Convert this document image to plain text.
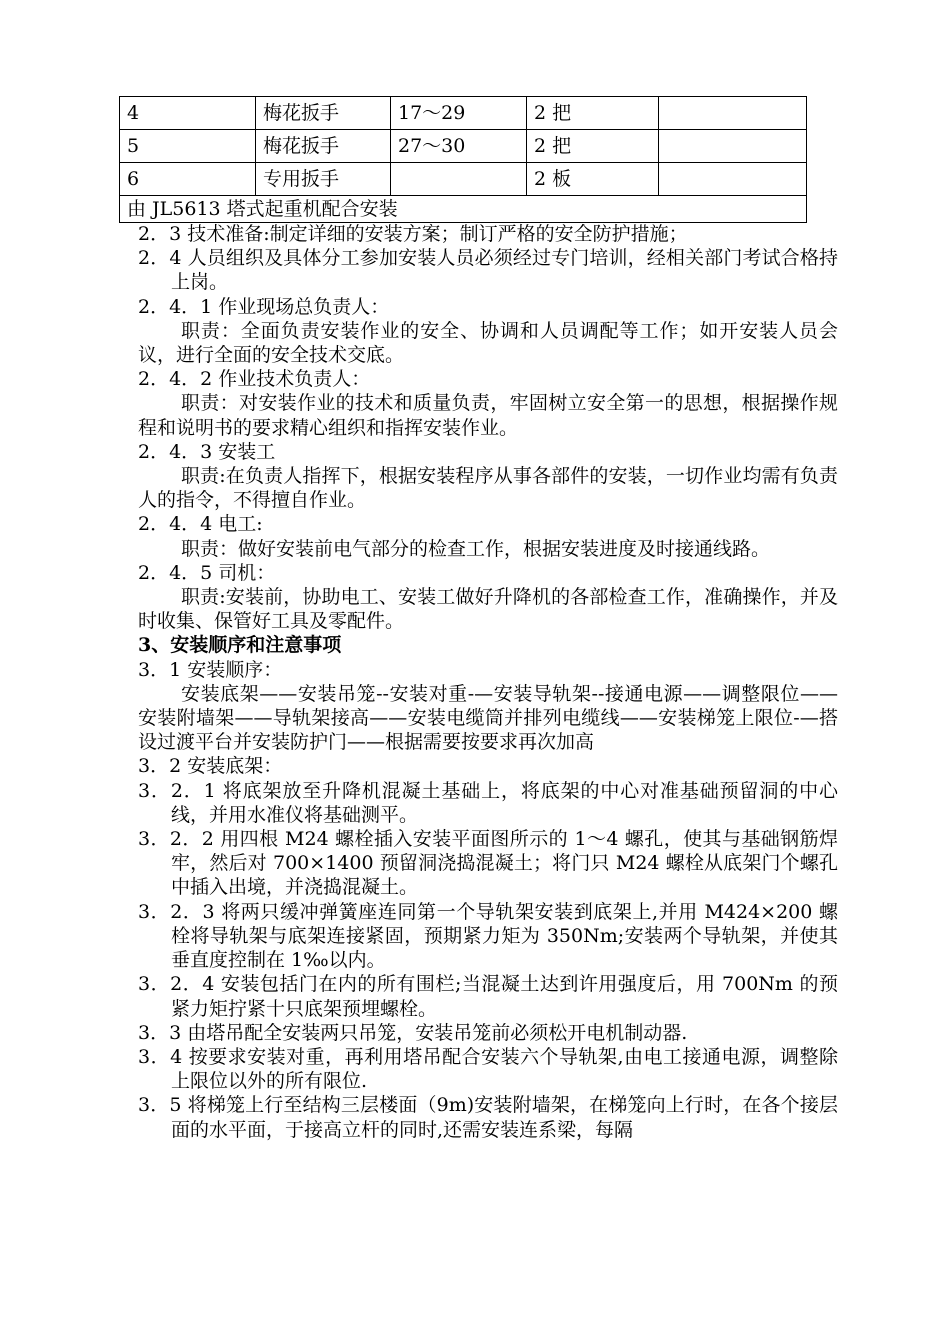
4	梅花扳手	17～29	2 把	
5	梅花扳手	27～30	2 把	
6	专用扳手		2 板	
由 JL5613 塔式起重机配合安装				

2．3 技术准备:制定详细的安装方案；制订严格的安全防护措施；

2．4 人员组织及具体分工参加安装人员必须经过专门培训，经相关部门考试合格持上岗。

2．4．1 作业现场总负责人：

职责：全面负责安装作业的安全、协调和人员调配等工作；如开安装人员会议，进行全面的安全技术交底。

2．4．2 作业技术负责人：

职责：对安装作业的技术和质量负责，牢固树立安全第一的思想，根据操作规程和说明书的要求精心组织和指挥安装作业。

2．4．3 安装工

职责:在负责人指挥下，根据安装程序从事各部件的安装，一切作业均需有负责人的指令，不得擅自作业。

2．4．4 电工:

职责：做好安装前电气部分的检查工作，根据安装进度及时接通线路。

2．4．5 司机：

职责:安装前，协助电工、安装工做好升降机的各部检查工作，准确操作，并及时收集、保管好工具及零配件。

3、安装顺序和注意事项

3．1 安装顺序：

安装底架——安装吊笼--安装对重-—安装导轨架--接通电源——调整限位——安装附墙架——导轨架接高——安装电缆筒并排列电缆线——安装梯笼上限位-—搭设过渡平台并安装防护门——根据需要按要求再次加高

3．2 安装底架：

3．2．1 将底架放至升降机混凝土基础上，将底架的中心对准基础预留洞的中心线，并用水准仪将基础测平。

3．2．2 用四根 M24 螺栓插入安装平面图所示的 1～4 螺孔，使其与基础钢筋焊牢，然后对 700×1400 预留洞浇捣混凝土；将门只 M24 螺栓从底架门个螺孔中插入出境，并浇捣混凝土。

3．2．3 将两只缓冲弹簧座连同第一个导轨架安装到底架上,并用 M424×200 螺栓将导轨架与底架连接紧固，预期紧力矩为 350Nm;安装两个导轨架，并使其垂直度控制在 1‰以内。

3．2．4 安装包括门在内的所有围栏;当混凝土达到许用强度后，用 700Nm 的预紧力矩拧紧十只底架预埋螺栓。

3．3 由塔吊配全安装两只吊笼，安装吊笼前必须松开电机制动器.

3．4 按要求安装对重，再利用塔吊配合安装六个导轨架,由电工接通电源，调整除上限位以外的所有限位.

3．5 将梯笼上行至结构三层楼面（9m)安装附墙架，在梯笼向上行时，在各个接层面的水平面，于接高立杆的同时,还需安装连系梁，每隔
